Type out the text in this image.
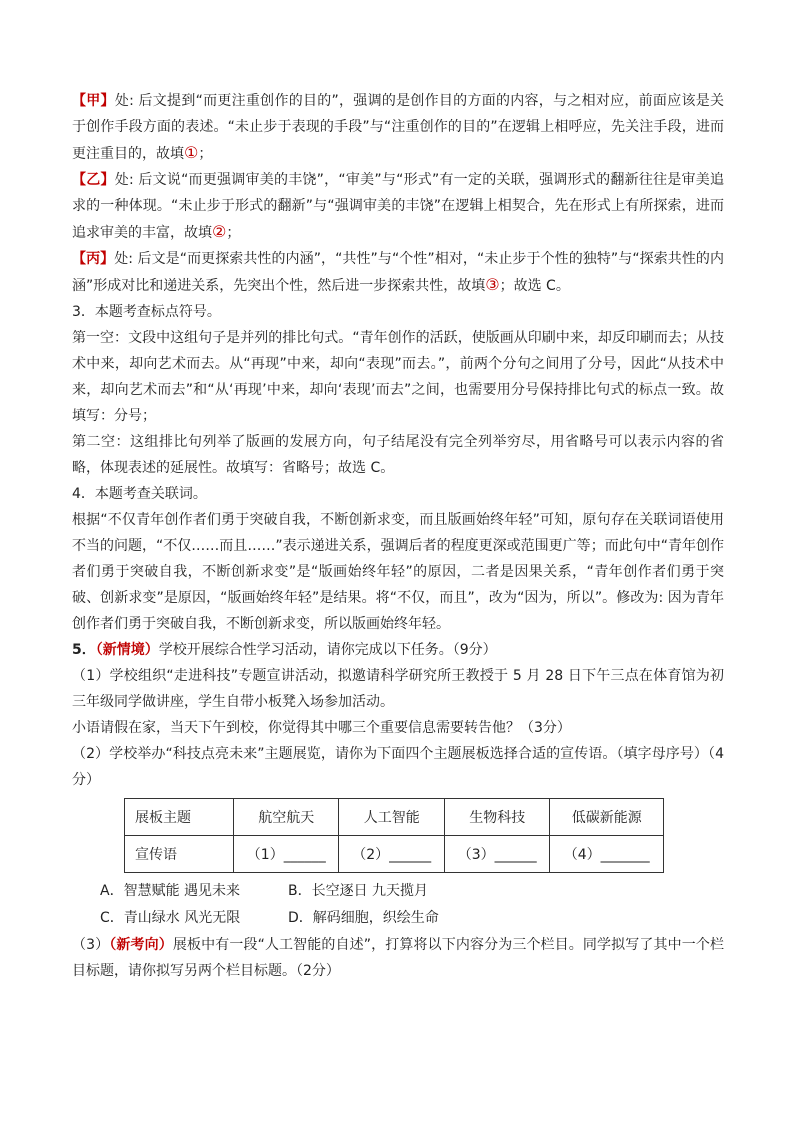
【甲】处: 后文提到“而更注重创作的目的”，强调的是创作目的方面的内容，与之相对应，前面应该是关于创作手段方面的表述。“未止步于表现的手段”与“注重创作的目的”在逻辑上相呼应，先关注手段，进而更注重目的，故填①；

【乙】处: 后文说“而更强调审美的丰饶”，“审美”与“形式”有一定的关联，强调形式的翻新往往是审美追求的一种体现。“未止步于形式的翻新”与“强调审美的丰饶”在逻辑上相契合，先在形式上有所探索，进而追求审美的丰富，故填②；

【丙】处: 后文是“而更探索共性的内涵”，“共性”与“个性”相对，“未止步于个性的独特”与“探索共性的内涵”形成对比和递进关系，先突出个性，然后进一步探索共性，故填③；故选 C。

3．本题考查标点符号。

第一空：文段中这组句子是并列的排比句式。“青年创作的活跃，使版画从印刷中来，却反印刷而去；从技术中来，却向艺术而去。从“再现”中来，却向“表现”而去。”，前两个分句之间用了分号，因此“从技术中来，却向艺术而去”和“从‘再现’中来，却向‘表现’而去”之间，也需要用分号保持排比句式的标点一致。故填写：分号；

第二空：这组排比句列举了版画的发展方向，句子结尾没有完全列举穷尽，用省略号可以表示内容的省略，体现表述的延展性。故填写：省略号；故选 C。

4．本题考查关联词。

根据“不仅青年创作者们勇于突破自我，不断创新求变，而且版画始终年轻”可知，原句存在关联词语使用不当的问题，“不仅……而且……”表示递进关系，强调后者的程度更深或范围更广等；而此句中“青年创作者们勇于突破自我，不断创新求变”是“版画始终年轻”的原因，二者是因果关系，“青年创作者们勇于突破、创新求变”是原因，“版画始终年轻”是结果。将“不仅，而且”，改为“因为，所以”。修改为: 因为青年创作者们勇于突破自我，不断创新求变，所以版画始终年轻。

5．（新情境）学校开展综合性学习活动，请你完成以下任务。（9分）

（1）学校组织“走进科技”专题宣讲活动，拟邀请科学研究所王教授于 5 月 28 日下午三点在体育馆为初三年级同学做讲座，学生自带小板凳入场参加活动。

小语请假在家，当天下午到校，你觉得其中哪三个重要信息需要转告他？（3分）

（2）学校举办“科技点亮未来”主题展览，请你为下面四个主题展板选择合适的宣传语。（填字母序号）（4分）

展板主题	航空航天	人工智能	生物科技	低碳新能源
宣传语	（1）______	（2）______	（3）______	（4）_______
A．智慧赋能 遇见未来	B．长空逐日 九天揽月
C．青山绿水 风光无限	D．解码细胞，织绘生命

（3）（新考向）展板中有一段“人工智能的自述”，打算将以下内容分为三个栏目。同学拟写了其中一个栏目标题，请你拟写另两个栏目标题。（2分）
